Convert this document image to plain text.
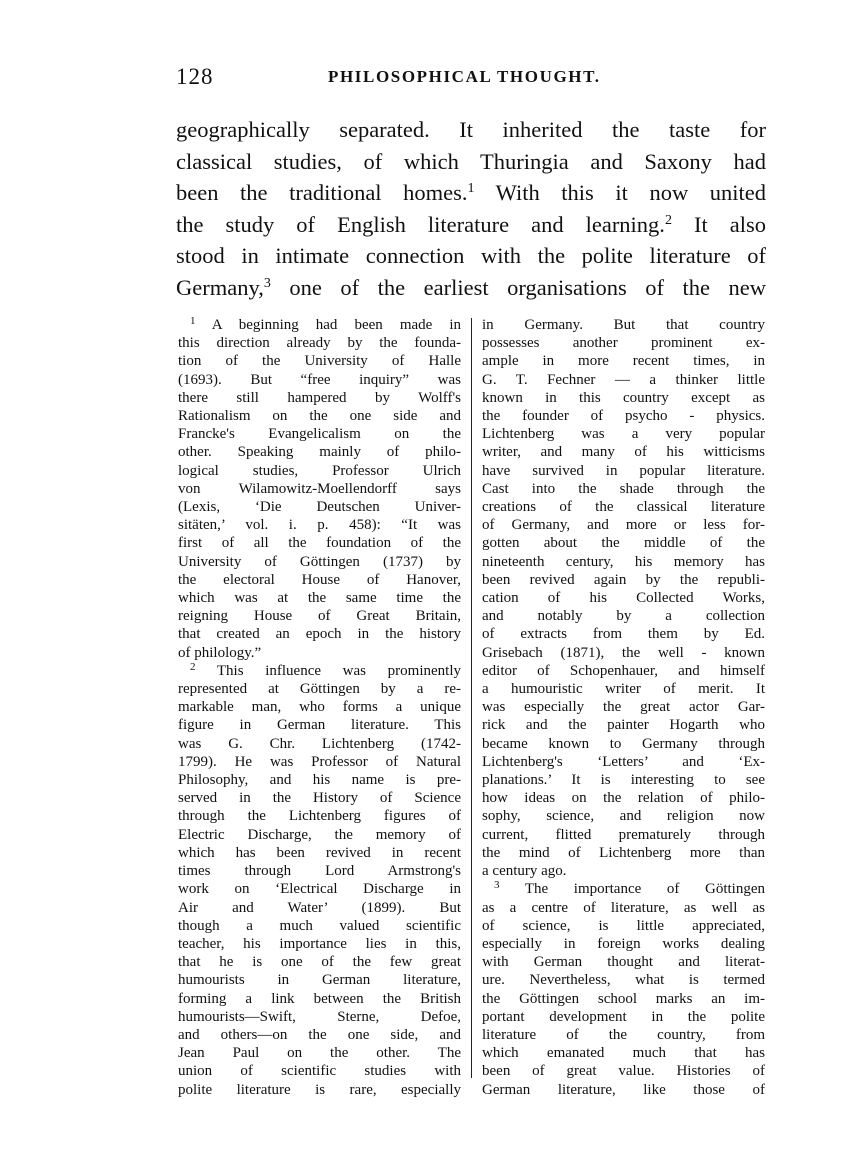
128	PHILOSOPHICAL THOUGHT.
geographically separated. It inherited the taste for
classical studies, of which Thuringia and Saxony had
been the traditional homes.$^1$ With this it now united
the study of English literature and learning.$^2$ It also
stood in intimate connection with the polite literature of
Germany,$^3$ one of the earliest organisations of the new
$^1$ A beginning had been made in
this direction already by the founda-
tion of the University of Halle
(1693). But “free inquiry” was
there still hampered by Wolff's
Rationalism on the one side and
Francke's Evangelicalism on the
other. Speaking mainly of philo-
logical studies, Professor Ulrich
von Wilamowitz-Moellendorff says
(Lexis, ‘Die Deutschen Univer-
sitäten,’ vol. i. p. 458): “It was
first of all the foundation of the
University of Göttingen (1737) by
the electoral House of Hanover,
which was at the same time the
reigning House of Great Britain,
that created an epoch in the history
of philology.”
$^2$ This influence was prominently
represented at Göttingen by a re-
markable man, who forms a unique
figure in German literature. This
was G. Chr. Lichtenberg (1742-
1799). He was Professor of Natural
Philosophy, and his name is pre-
served in the History of Science
through the Lichtenberg figures of
Electric Discharge, the memory of
which has been revived in recent
times through Lord Armstrong's
work on ‘Electrical Discharge in
Air and Water’ (1899). But
though a much valued scientific
teacher, his importance lies in this,
that he is one of the few great
humourists in German literature,
forming a link between the British
humourists—Swift, Sterne, Defoe,
and others—on the one side, and
Jean Paul on the other. The
union of scientific studies with
polite literature is rare, especially
in Germany. But that country
possesses another prominent ex-
ample in more recent times, in
G. T. Fechner — a thinker little
known in this country except as
the founder of psycho - physics.
Lichtenberg was a very popular
writer, and many of his witticisms
have survived in popular literature.
Cast into the shade through the
creations of the classical literature
of Germany, and more or less for-
gotten about the middle of the
nineteenth century, his memory has
been revived again by the republi-
cation of his Collected Works,
and notably by a collection
of extracts from them by Ed.
Grisebach (1871), the well - known
editor of Schopenhauer, and himself
a humouristic writer of merit. It
was especially the great actor Gar-
rick and the painter Hogarth who
became known to Germany through
Lichtenberg's ‘Letters’ and ‘Ex-
planations.’ It is interesting to see
how ideas on the relation of philo-
sophy, science, and religion now
current, flitted prematurely through
the mind of Lichtenberg more than
a century ago.
$^3$ The importance of Göttingen
as a centre of literature, as well as
of science, is little appreciated,
especially in foreign works dealing
with German thought and literat-
ure. Nevertheless, what is termed
the Göttingen school marks an im-
portant development in the polite
literature of the country, from
which emanated much that has
been of great value. Histories of
German literature, like those of
